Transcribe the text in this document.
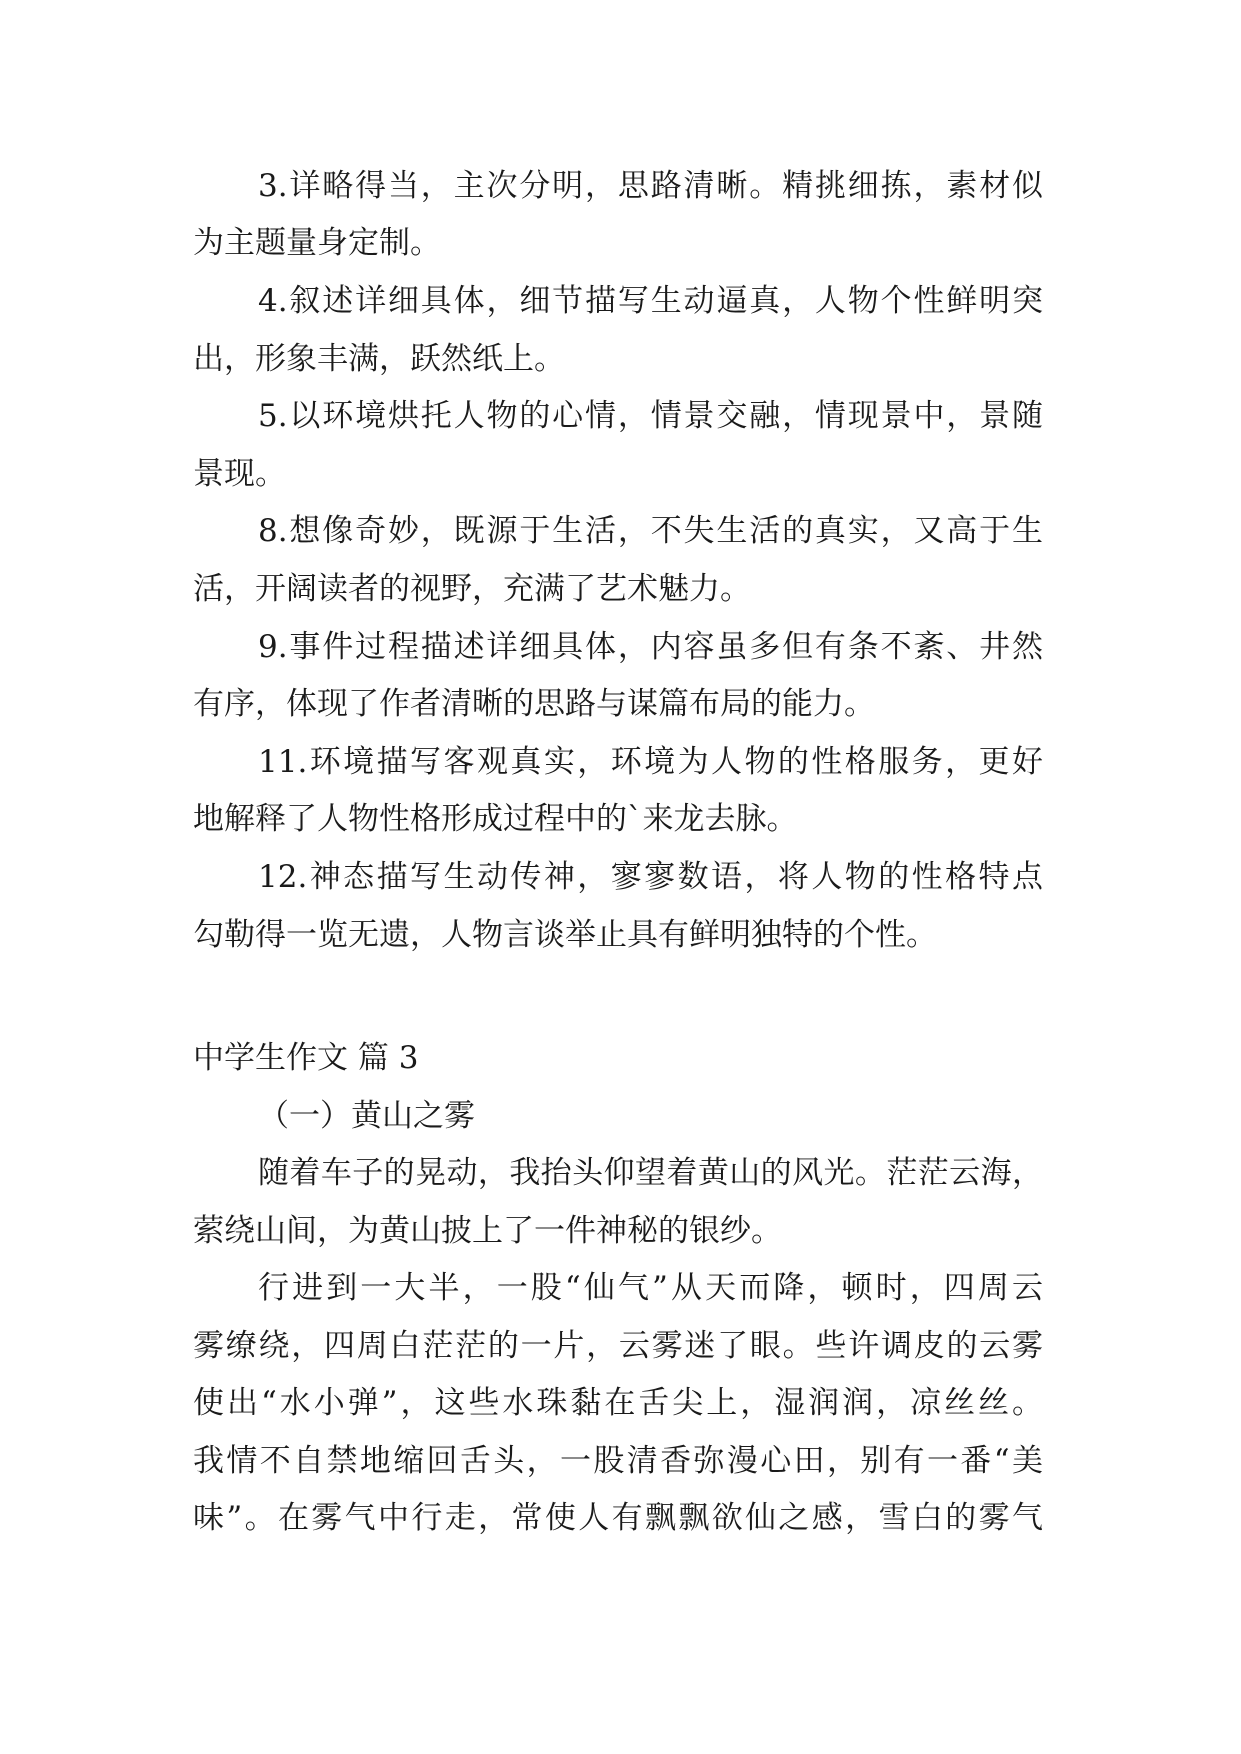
3.详略得当，主次分明，思路清晰。精挑细拣，素材似
为主题量身定制。
4.叙述详细具体，细节描写生动逼真，人物个性鲜明突
出，形象丰满，跃然纸上。
5.以环境烘托人物的心情，情景交融，情现景中，景随
景现。
8.想像奇妙，既源于生活，不失生活的真实，又高于生
活，开阔读者的视野，充满了艺术魅力。
9.事件过程描述详细具体，内容虽多但有条不紊、井然
有序，体现了作者清晰的思路与谋篇布局的能力。
11.环境描写客观真实，环境为人物的性格服务，更好
地解释了人物性格形成过程中的`来龙去脉。
12.神态描写生动传神，寥寥数语，将人物的性格特点
勾勒得一览无遗，人物言谈举止具有鲜明独特的个性。
中学生作文 篇 3
（一）黄山之雾
随着车子的晃动，我抬头仰望着黄山的风光。茫茫云海，
萦绕山间，为黄山披上了一件神秘的银纱。
行进到一大半，一股“仙气”从天而降，顿时，四周云
雾缭绕，四周白茫茫的一片，云雾迷了眼。些许调皮的云雾
使出“水小弹”，这些水珠黏在舌尖上，湿润润，凉丝丝。
我情不自禁地缩回舌头，一股清香弥漫心田，别有一番“美
味”。在雾气中行走，常使人有飘飘欲仙之感，雪白的雾气
